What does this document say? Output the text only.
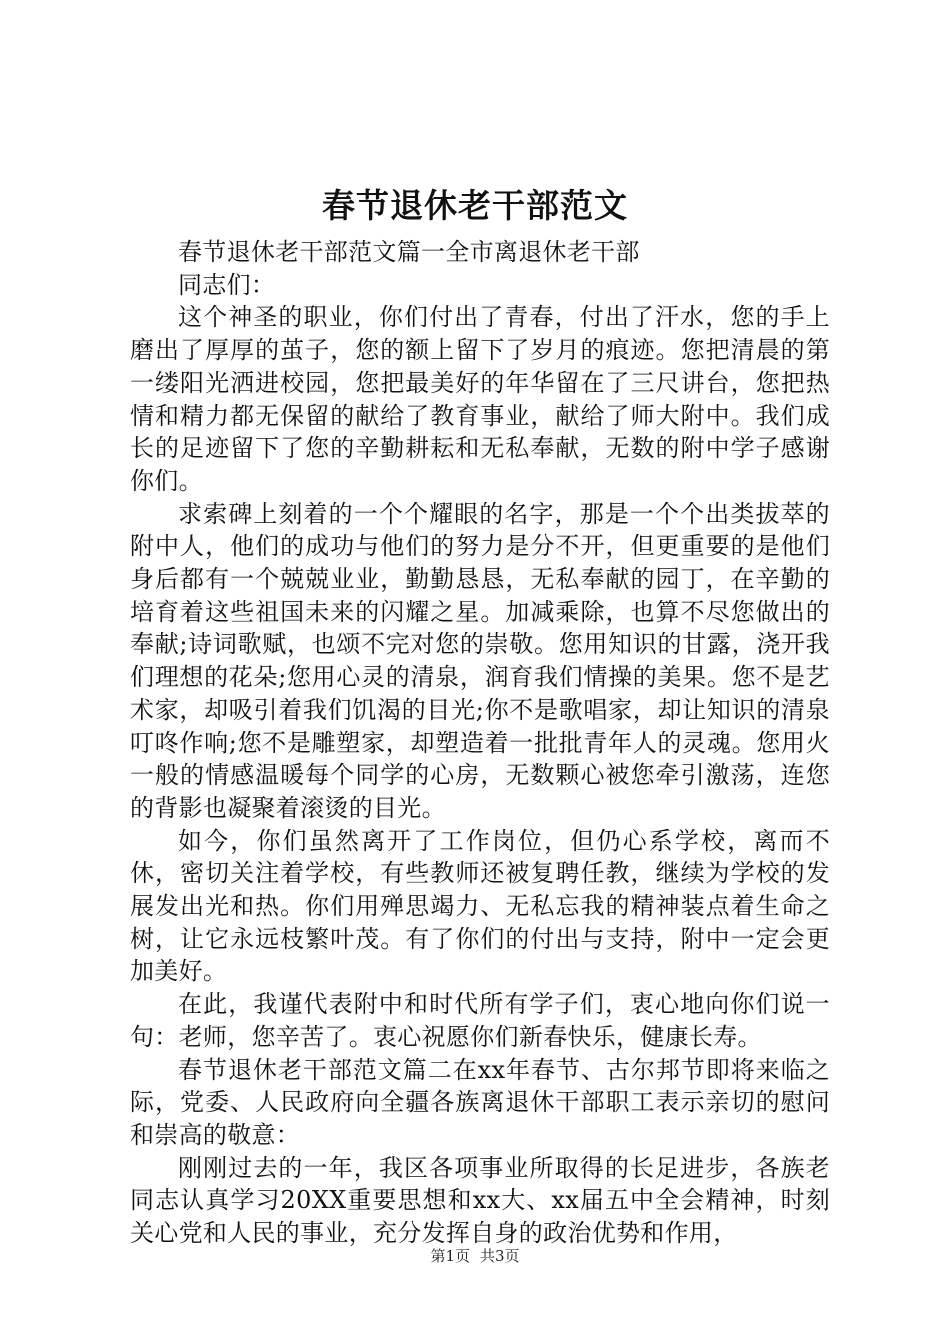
春节退休老干部范文

春节退休老干部范文篇一全市离退休老干部

同志们：

这个神圣的职业，你们付出了青春，付出了汗水，您的手上磨出了厚厚的茧子，您的额上留下了岁月的痕迹。您把清晨的第一缕阳光洒进校园，您把最美好的年华留在了三尺讲台，您把热情和精力都无保留的献给了教育事业，献给了师大附中。我们成长的足迹留下了您的辛勤耕耘和无私奉献，无数的附中学子感谢你们。

求索碑上刻着的一个个耀眼的名字，那是一个个出类拔萃的附中人，他们的成功与他们的努力是分不开，但更重要的是他们身后都有一个兢兢业业，勤勤恳恳，无私奉献的园丁，在辛勤的培育着这些祖国未来的闪耀之星。加减乘除，也算不尽您做出的奉献;诗词歌赋，也颂不完对您的崇敬。您用知识的甘露，浇开我们理想的花朵;您用心灵的清泉，润育我们情操的美果。您不是艺术家，却吸引着我们饥渴的目光;你不是歌唱家，却让知识的清泉叮咚作响;您不是雕塑家，却塑造着一批批青年人的灵魂。您用火一般的情感温暖每个同学的心房，无数颗心被您牵引激荡，连您的背影也凝聚着滚烫的目光。

如今，你们虽然离开了工作岗位，但仍心系学校，离而不休，密切关注着学校，有些教师还被复聘任教，继续为学校的发展发出光和热。你们用殚思竭力、无私忘我的精神装点着生命之树，让它永远枝繁叶茂。有了你们的付出与支持，附中一定会更加美好。

在此，我谨代表附中和时代所有学子们，衷心地向你们说一句：老师，您辛苦了。衷心祝愿你们新春快乐，健康长寿。

春节退休老干部范文篇二在xx年春节、古尔邦节即将来临之际，党委、人民政府向全疆各族离退休干部职工表示亲切的慰问和崇高的敬意：

刚刚过去的一年，我区各项事业所取得的长足进步，各族老同志认真学习20XX重要思想和xx大、xx届五中全会精神，时刻关心党和人民的事业，充分发挥自身的政治优势和作用，

第1页 共3页
